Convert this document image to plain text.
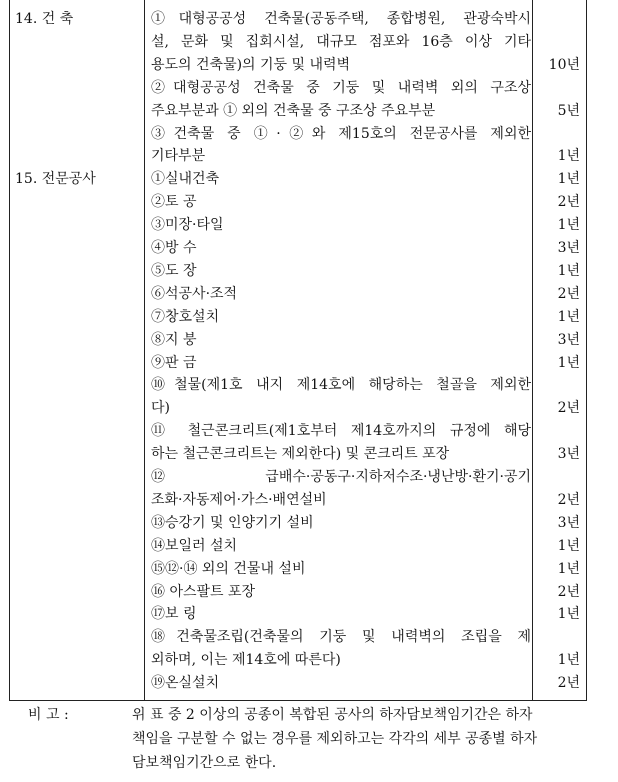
14. 건 축	①대형공공성 건축물(공동주택, 종합병원, 관광숙박시
설, 문화 및 집회시설, 대규모 점포와 16층 이상 기타
용도의 건축물)의 기둥 및 내력벽	10년
②대형공공성 건축물 중 기둥 및 내력벽 외의 구조상
주요부분과 ① 외의 건축물 중 구조상 주요부분	5년
③건축물 중 ①·②와 제15호의 전문공사를 제외한
기타부분	1년
15. 전문공사	①실내건축	1년
②토 공	2년
③미장·타일	1년
④방 수	3년
⑤도 장	1년
⑥석공사·조적	2년
⑦창호설치	1년
⑧지 붕	3년
⑨판 금	1년
⑩철물(제1호 내지 제14호에 해당하는 철골을 제외한
다)	2년
⑪ 철근콘크리트(제1호부터 제14호까지의 규정에 해당
하는 철근콘크리트는 제외한다) 및 콘크리트 포장	3년
⑫급배수·공동구·지하저수조·냉난방·환기·공기
조화·자동제어·가스·배연설비	2년
⑬승강기 및 인양기기 설비	3년
⑭보일러 설치	1년
⑮⑫·⑭ 외의 건물내 설비	1년
⑯ 아스팔트 포장	2년
⑰보 링	1년
⑱건축물조립(건축물의 기둥 및 내력벽의 조립을 제
외하며, 이는 제14호에 따른다)	1년
⑲온실설치	2년
비 고 :	위 표 중 2 이상의 공종이 복합된 공사의 하자담보책임기간은 하자
책임을 구분할 수 없는 경우를 제외하고는 각각의 세부 공종별 하자
담보책임기간으로 한다.
